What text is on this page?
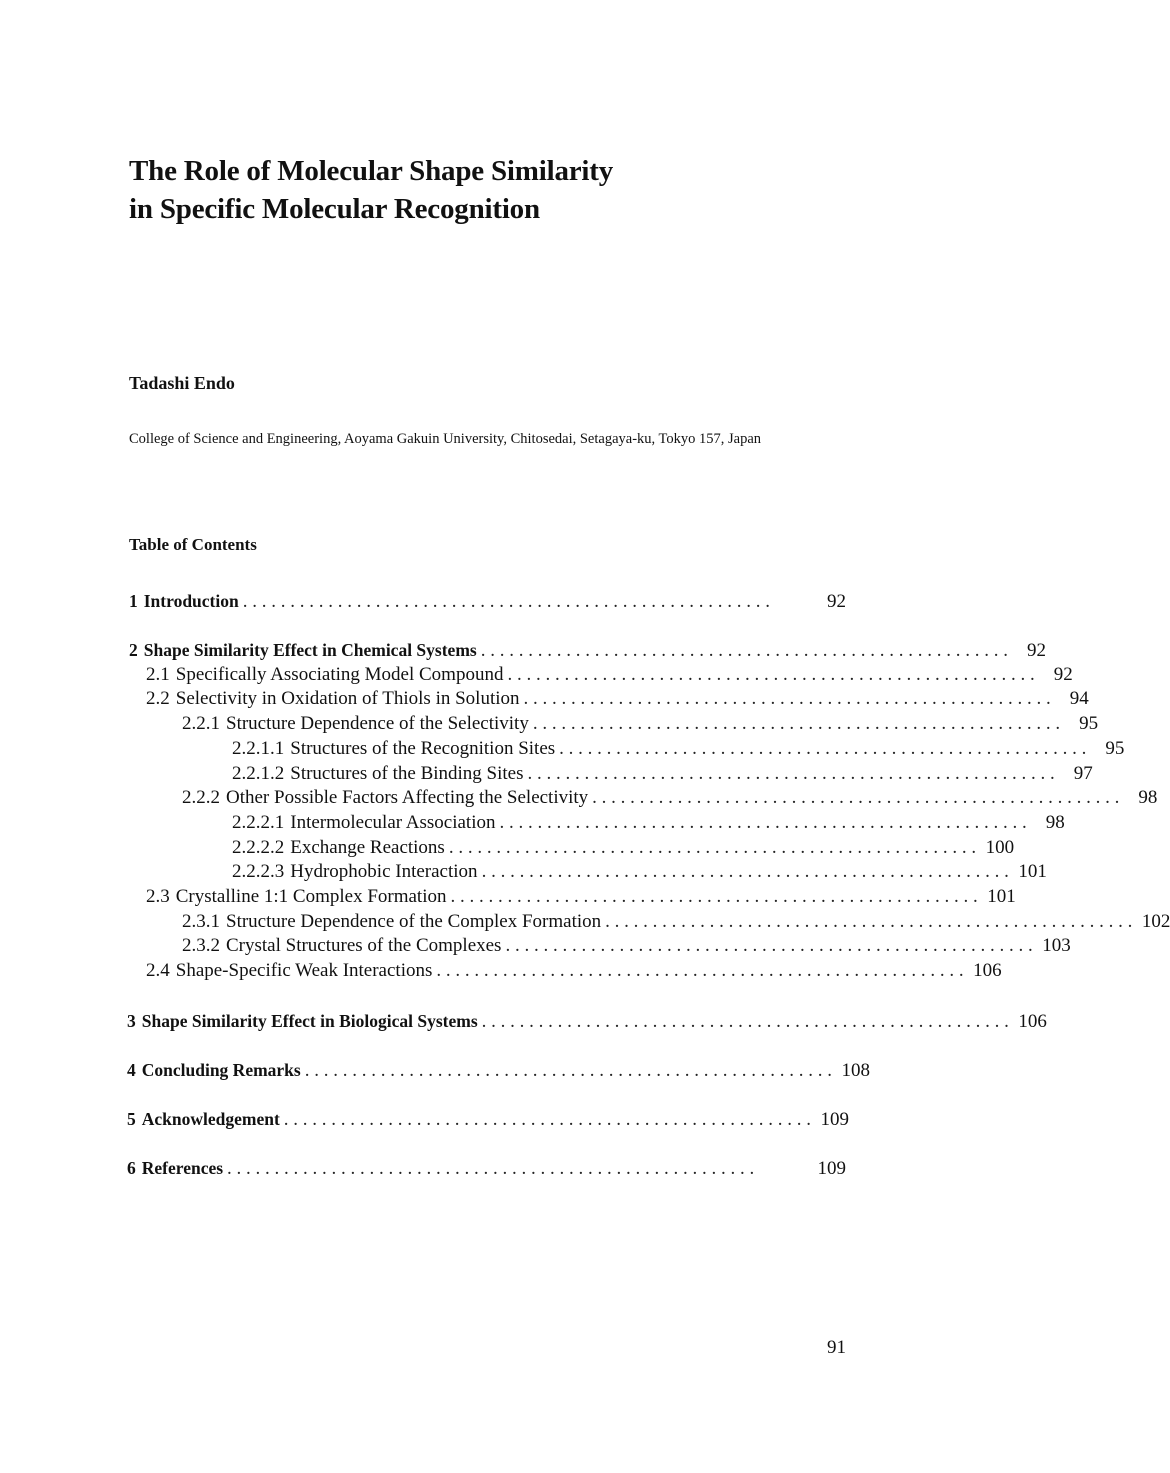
The Role of Molecular Shape Similarity
in Specific Molecular Recognition

Tadashi Endo

College of Science and Engineering, Aoyama Gakuin University, Chitosedai, Setagaya-ku, Tokyo 157, Japan

Table of Contents
1 Introduction . . . . . . . . . . . . . . . . . . . . . . . . . . . . . . . . . . . . . . . . . . . . . . . . . . . . . . . .	92
2 Shape Similarity Effect in Chemical Systems . . . . . . . . . . . . . . . . . . . . . . . . . . . . . . . . . . . . . . . . . . . . . . . . . . . . . . . .	92
2.1 Specifically Associating Model Compound . . . . . . . . . . . . . . . . . . . . . . . . . . . . . . . . . . . . . . . . . . . . . . . . . . . . . . . .	92
2.2 Selectivity in Oxidation of Thiols in Solution . . . . . . . . . . . . . . . . . . . . . . . . . . . . . . . . . . . . . . . . . . . . . . . . . . . . . . . .	94
2.2.1 Structure Dependence of the Selectivity . . . . . . . . . . . . . . . . . . . . . . . . . . . . . . . . . . . . . . . . . . . . . . . . . . . . . . . .	95
2.2.1.1 Structures of the Recognition Sites . . . . . . . . . . . . . . . . . . . . . . . . . . . . . . . . . . . . . . . . . . . . . . . . . . . . . . . .	95
2.2.1.2 Structures of the Binding Sites . . . . . . . . . . . . . . . . . . . . . . . . . . . . . . . . . . . . . . . . . . . . . . . . . . . . . . . .	97
2.2.2 Other Possible Factors Affecting the Selectivity . . . . . . . . . . . . . . . . . . . . . . . . . . . . . . . . . . . . . . . . . . . . . . . . . . . . . . . .	98
2.2.2.1 Intermolecular Association . . . . . . . . . . . . . . . . . . . . . . . . . . . . . . . . . . . . . . . . . . . . . . . . . . . . . . . .	98
2.2.2.2 Exchange Reactions . . . . . . . . . . . . . . . . . . . . . . . . . . . . . . . . . . . . . . . . . . . . . . . . . . . . . . . . 100
2.2.2.3 Hydrophobic Interaction . . . . . . . . . . . . . . . . . . . . . . . . . . . . . . . . . . . . . . . . . . . . . . . . . . . . . . . . 101
2.3 Crystalline 1:1 Complex Formation . . . . . . . . . . . . . . . . . . . . . . . . . . . . . . . . . . . . . . . . . . . . . . . . . . . . . . . . 101
2.3.1 Structure Dependence of the Complex Formation . . . . . . . . . . . . . . . . . . . . . . . . . . . . . . . . . . . . . . . . . . . . . . . . . . . . . . . . 102
2.3.2 Crystal Structures of the Complexes . . . . . . . . . . . . . . . . . . . . . . . . . . . . . . . . . . . . . . . . . . . . . . . . . . . . . . . . 103
2.4 Shape-Specific Weak Interactions . . . . . . . . . . . . . . . . . . . . . . . . . . . . . . . . . . . . . . . . . . . . . . . . . . . . . . . . 106
3 Shape Similarity Effect in Biological Systems . . . . . . . . . . . . . . . . . . . . . . . . . . . . . . . . . . . . . . . . . . . . . . . . . . . . . . . . 106
4 Concluding Remarks . . . . . . . . . . . . . . . . . . . . . . . . . . . . . . . . . . . . . . . . . . . . . . . . . . . . . . . . 108
5 Acknowledgement . . . . . . . . . . . . . . . . . . . . . . . . . . . . . . . . . . . . . . . . . . . . . . . . . . . . . . . . 109
6 References . . . . . . . . . . . . . . . . . . . . . . . . . . . . . . . . . . . . . . . . . . . . . . . . . . . . . . . .	109

91
